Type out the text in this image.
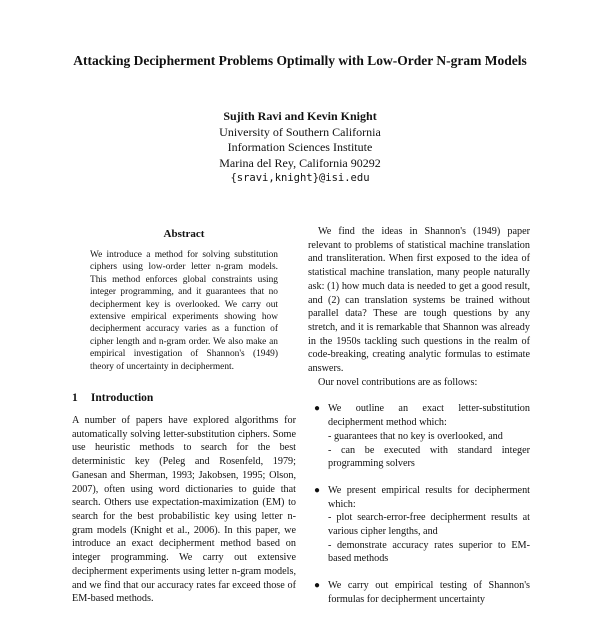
Attacking Decipherment Problems Optimally with Low-Order N-gram Models
Sujith Ravi and Kevin Knight
University of Southern California
Information Sciences Institute
Marina del Rey, California 90292
{sravi,knight}@isi.edu
Abstract

We introduce a method for solving substitution ciphers using low-order letter n-gram models. This method enforces global constraints using integer programming, and it guarantees that no decipherment key is overlooked. We carry out extensive empirical experiments showing how decipherment accuracy varies as a function of cipher length and n-gram order. We also make an empirical investigation of Shannon's (1949) theory of uncertainty in decipherment.

1 Introduction

A number of papers have explored algorithms for automatically solving letter-substitution ciphers. Some use heuristic methods to search for the best deterministic key (Peleg and Rosenfeld, 1979; Ganesan and Sherman, 1993; Jakobsen, 1995; Olson, 2007), often using word dictionaries to guide that search. Others use expectation-maximization (EM) to search for the best probabilistic key using letter n-gram models (Knight et al., 2006). In this paper, we introduce an exact decipherment method based on integer programming. We carry out extensive decipherment experiments using letter n-gram models, and we find that our accuracy rates far exceed those of EM-based methods.

We find the ideas in Shannon's (1949) paper relevant to problems of statistical machine translation and transliteration. When first exposed to the idea of statistical machine translation, many people naturally ask: (1) how much data is needed to get a good result, and (2) can translation systems be trained without parallel data? These are tough questions by any stretch, and it is remarkable that Shannon was already in the 1950s tackling such questions in the realm of code-breaking, creating analytic formulas to estimate answers.

Our novel contributions are as follows:

● We outline an exact letter-substitution decipherment method which:
- guarantees that no key is overlooked, and
- can be executed with standard integer programming solvers
● We present empirical results for decipherment which:
- plot search-error-free decipherment results at various cipher lengths, and
- demonstrate accuracy rates superior to EM-based methods
● We carry out empirical testing of Shannon's formulas for decipherment uncertainty
